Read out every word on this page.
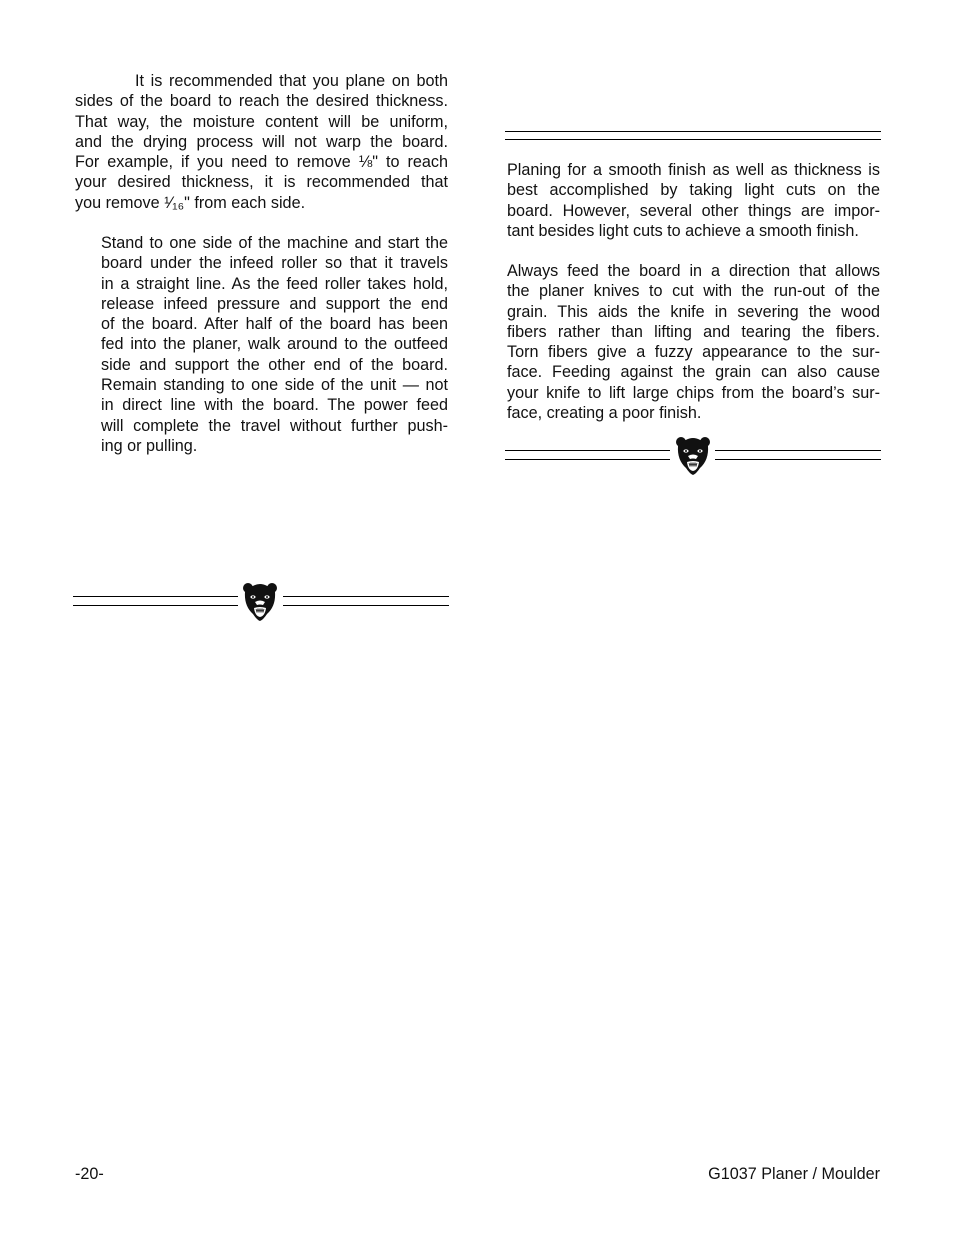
It is recommended that you plane on both
sides of the board to reach the desired thickness.
That way, the moisture content will be uniform,
and the drying process will not warp the board.
For example, if you need to remove ⅛" to reach
your desired thickness, it is recommended that
you remove ¹⁄₁₆" from each side.
Stand to one side of the machine and start the
board under the infeed roller so that it travels
in a straight line. As the feed roller takes hold,
release infeed pressure and support the end
of the board. After half of the board has been
fed into the planer, walk around to the outfeed
side and support the other end of the board.
Remain standing to one side of the unit — not
in direct line with the board. The power feed
will complete the travel without further push-
ing or pulling.
Planing for a smooth finish as well as thickness is
best accomplished by taking light cuts on the
board. However, several other things are impor-
tant besides light cuts to achieve a smooth finish.
Always feed the board in a direction that allows
the planer knives to cut with the run-out of the
grain. This aids the knife in severing the wood
fibers rather than lifting and tearing the fibers.
Torn fibers give a fuzzy appearance to the sur-
face. Feeding against the grain can also cause
your knife to lift large chips from the board’s sur-
face, creating a poor finish.
-20-	G1037 Planer / Moulder
